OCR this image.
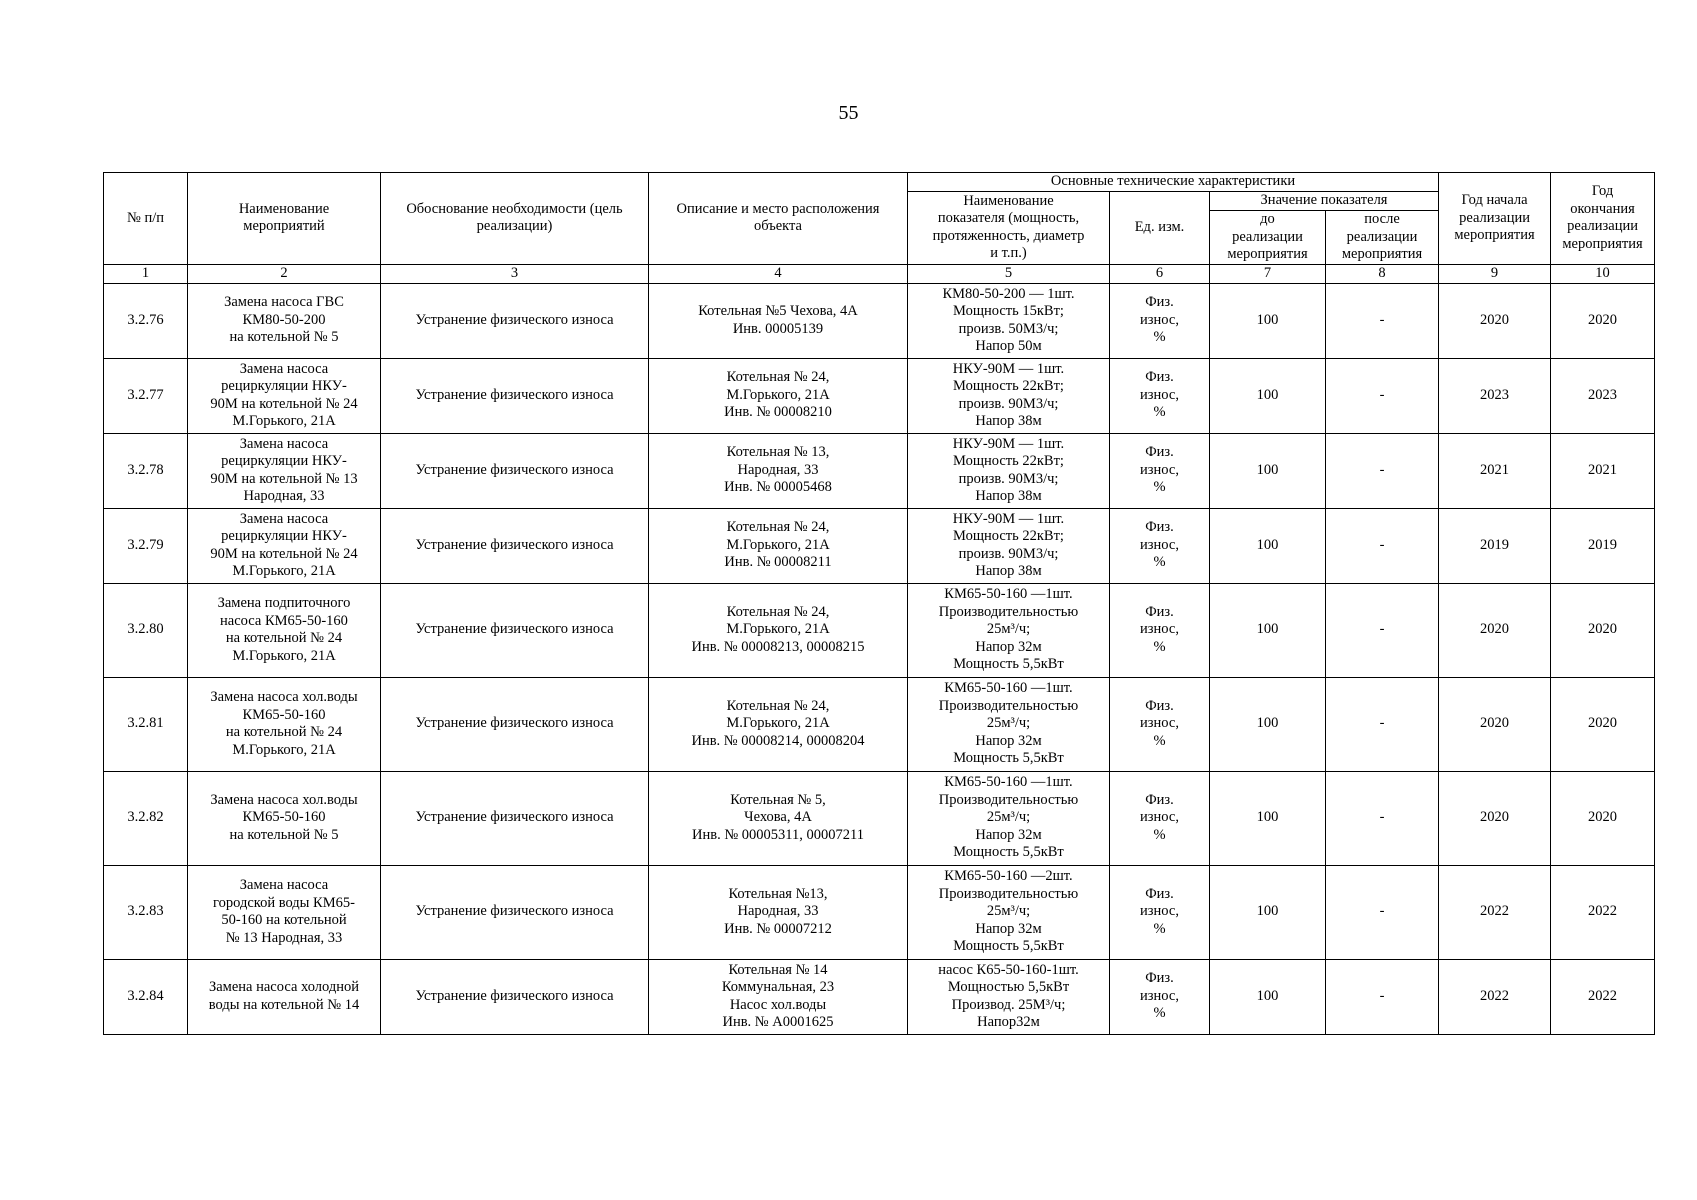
55
№ п/п	Наименование
мероприятий	Обоснование необходимости (цель
реализации)	Описание и место расположения
объекта	Основные технические характеристики				Год начала
реализации
мероприятия	Год
окончания
реализации
мероприятия

				Наименование
показателя (мощность,
протяженность, диаметр
и т.п.)	Ед. изм.	Значение показателя			

						до
реализации
мероприятия	после
реализации
мероприятия		

1	2	3	4	5	6	7	8	9	10
3.2.76	Замена насоса ГВС
КМ80-50-200
на котельной № 5	Устранение физического износа	Котельная №5 Чехова, 4А
Инв. 00005139	КМ80-50-200 — 1шт.
Мощность 15кВт;
произв. 50М3/ч;
Напор 50м	Физ.
износ,
%	100	-	2020	2020
3.2.77	Замена насоса
рециркуляции НКУ-
90М на котельной № 24
М.Горького, 21А	Устранение физического износа	Котельная № 24,
М.Горького, 21А
Инв. № 00008210	НКУ-90М — 1шт.
Мощность 22кВт;
произв. 90М3/ч;
Напор 38м	Физ.
износ,
%	100	-	2023	2023
3.2.78	Замена насоса
рециркуляции НКУ-
90М на котельной № 13
Народная, 33	Устранение физического износа	Котельная № 13,
Народная, 33
Инв. № 00005468	НКУ-90М — 1шт.
Мощность 22кВт;
произв. 90М3/ч;
Напор 38м	Физ.
износ,
%	100	-	2021	2021
3.2.79	Замена насоса
рециркуляции НКУ-
90М на котельной № 24
М.Горького, 21А	Устранение физического износа	Котельная № 24,
М.Горького, 21А
Инв. № 00008211	НКУ-90М — 1шт.
Мощность 22кВт;
произв. 90М3/ч;
Напор 38м	Физ.
износ,
%	100	-	2019	2019
3.2.80	Замена подпиточного
насоса КМ65-50-160
на котельной № 24
М.Горького, 21А	Устранение физического износа	Котельная № 24,
М.Горького, 21А
Инв. № 00008213, 00008215	КМ65-50-160 —1шт.
Производительностью
25м³/ч;
Напор 32м
Мощность 5,5кВт	Физ.
износ,
%	100	-	2020	2020
3.2.81	Замена насоса хол.воды
КМ65-50-160
на котельной № 24
М.Горького, 21А	Устранение физического износа	Котельная № 24,
М.Горького, 21А
Инв. № 00008214, 00008204	КМ65-50-160 —1шт.
Производительностью
25м³/ч;
Напор 32м
Мощность 5,5кВт	Физ.
износ,
%	100	-	2020	2020
3.2.82	Замена насоса хол.воды
КМ65-50-160
на котельной № 5	Устранение физического износа	Котельная № 5,
Чехова, 4А
Инв. № 00005311, 00007211	КМ65-50-160 —1шт.
Производительностью
25м³/ч;
Напор 32м
Мощность 5,5кВт	Физ.
износ,
%	100	-	2020	2020
3.2.83	Замена насоса
городской воды КМ65-
50-160 на котельной
№ 13 Народная, 33	Устранение физического износа	Котельная №13,
Народная, 33
Инв. № 00007212	КМ65-50-160 —2шт.
Производительностью
25м³/ч;
Напор 32м
Мощность 5,5кВт	Физ.
износ,
%	100	-	2022	2022
3.2.84	Замена насоса холодной
воды на котельной № 14	Устранение физического износа	Котельная № 14
Коммунальная, 23
Насос хол.воды
Инв. № А0001625	насос К65-50-160-1шт.
Мощностью 5,5кВт
Производ. 25М³/ч;
Напор32м	Физ.
износ,
%	100	-	2022	2022
